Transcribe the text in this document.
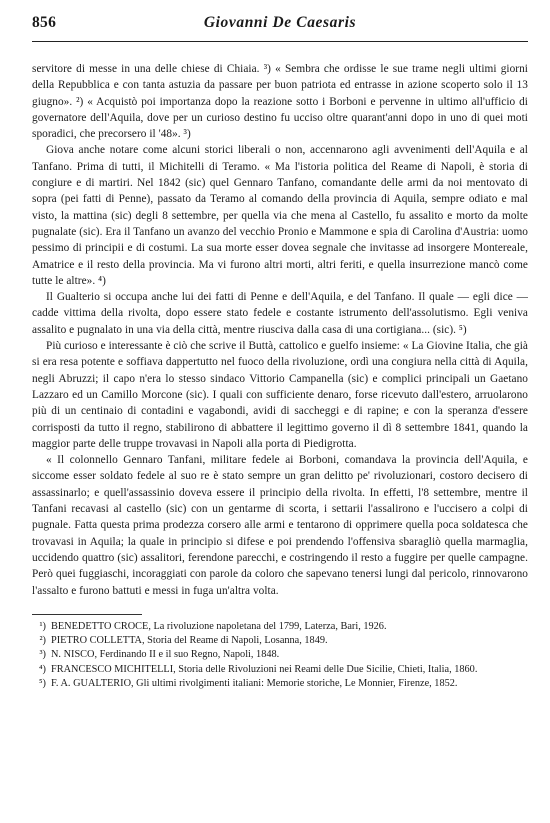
856	Giovanni De Caesaris

servitore di messe in una delle chiese di Chiaia. ³) « Sembra che ordisse le sue trame negli ultimi giorni della Repubblica e con tanta astuzia da passare per buon patriota ed entrasse in azione scoperto solo il 13 giugno». ²) « Acquistò poi importanza dopo la reazione sotto i Borboni e pervenne in ultimo all'ufficio di governatore dell'Aquila, dove per un curioso destino fu ucciso oltre quarant'anni dopo in uno di quei moti sporadici, che precorsero il '48». ³)

Giova anche notare come alcuni storici liberali o non, accennarono agli avvenimenti dell'Aquila e al Tanfano. Prima di tutti, il Michitelli di Teramo. « Ma l'istoria politica del Reame di Napoli, è storia di congiure e di martiri. Nel 1842 (sic) quel Gennaro Tanfano, comandante delle armi da noi mentovato di sopra (pei fatti di Penne), passato da Teramo al comando della provincia di Aquila, sempre odiato e mal visto, la mattina (sic) degli 8 settembre, per quella via che mena al Castello, fu assalito e morto da molte pugnalate (sic). Era il Tanfano un avanzo del vecchio Pronio e Mammone e spia di Carolina d'Austria: uomo pessimo di principii e di costumi. La sua morte esser doveа segnale che invitasse ad insorgere Montereale, Amatrice e il resto della provincia. Ma vi furono altri morti, altri feriti, e quella insurrezione mancò come tutte le altre». ⁴)

Il Gualterio si occupa anche lui dei fatti di Penne e dell'Aquila, e del Tanfano. Il quale — egli dice — cadde vittima della rivolta, dopo essere stato fedele e costante istrumento dell'assolutismo. Egli veniva assalito e pugnalato in una via della città, mentre riusciva dalla casa di una cortigiana... (sic). ⁵)

Più curioso e interessante è ciò che scrive il Buttà, cattolico e guelfo insieme: « La Giovine Italia, che già si era resa potente e soffiava dappertutto nel fuoco della rivoluzione, ordì una congiura nella città di Aquila, negli Abruzzi; il capo n'era lo stesso sindaco Vittorio Campanella (sic) e complici principali un Gaetano Lazzaro ed un Camillo Morcone (sic). I quali con sufficiente denaro, forse ricevuto dall'estero, arruolarono più di un centinaio di contadini e vagabondi, avidi di saccheggi e di rapine; e con la speranza d'essere corrisposti da tutto il regno, stabilirono di abbattere il legittimo governo il dì 8 settembre 1841, quando la maggior parte delle truppe trovavasi in Napoli alla porta di Piedigrotta.

« Il colonnello Gennaro Tanfani, militare fedele ai Borboni, comandava la provincia dell'Aquila, e siccome esser soldato fedele al suo re è stato sempre un gran delitto pe' rivoluzionari, costoro decisero di assassinarlo; e quell'assassinio doveva essere il principio della rivolta. In effetti, l'8 settembre, mentre il Tanfani recavasi al castello (sic) con un gentarme di scorta, i settarii l'assalirono e l'uccisero a colpi di pugnale. Fatta questa prima prodezza corsero alle armi e tentarono di opprimere quella poca soldatesca che trovavasi in Aquila; la quale in principio si difese e poi prendendo l'offensiva sbaragliò quella marmaglia, uccidendo quattro (sic) assalitori, ferendone parecchi, e costringendo il resto a fuggire per quelle campagne. Però quei fuggiaschi, incoraggiati con parole da coloro che sapevano tenersi lungi dal pericolo, rinnovarono l'assalto e furono battuti e messi in fuga un'altra volta.

¹) BENEDETTO CROCE, La rivoluzione napoletana del 1799, Laterza, Bari, 1926.

²) PIETRO COLLETTA, Storia del Reame di Napoli, Losanna, 1849.

³) N. NISCO, Ferdinando II e il suo Regno, Napoli, 1848.

⁴) FRANCESCO MICHITELLI, Storia delle Rivoluzioni nei Reami delle Due Sicilie, Chieti, Italia, 1860.

⁵) F. A. GUALTERIO, Gli ultimi rivolgimenti italiani: Memorie storiche, Le Monnier, Firenze, 1852.
